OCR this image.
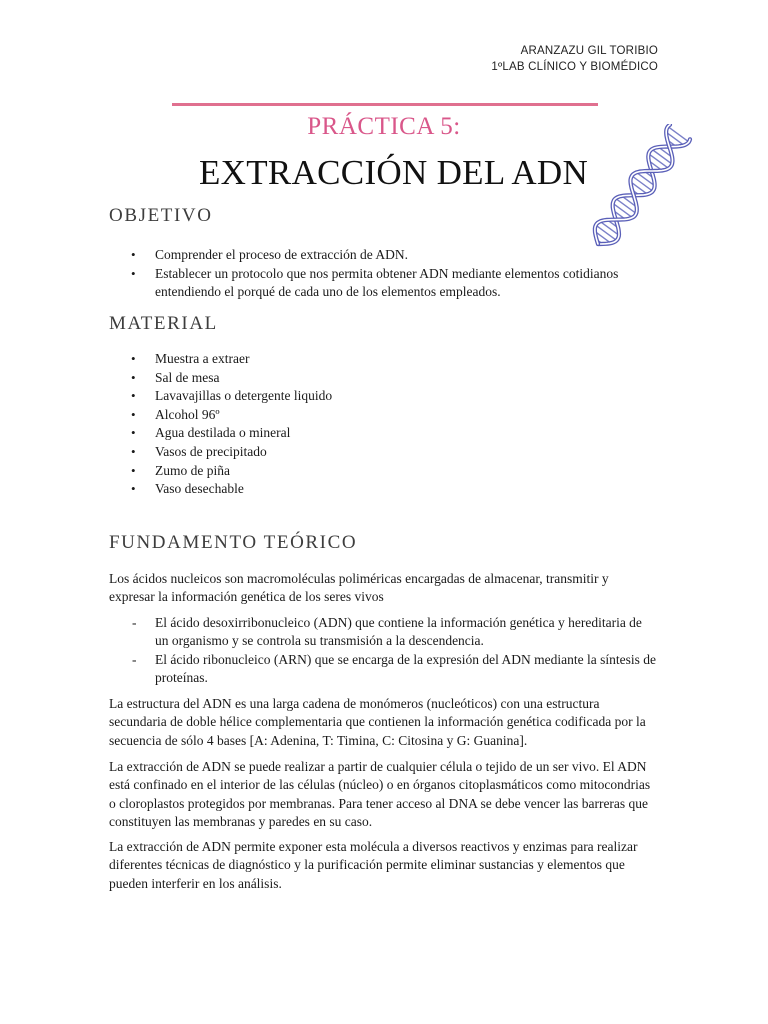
ARANZAZU GIL TORIBIO
1ºLAB CLÍNICO Y BIOMÉDICO
PRÁCTICA 5:
EXTRACCIÓN DEL ADN
OBJETIVO
• Comprender el proceso de extracción de ADN.
• Establecer un protocolo que nos permita obtener ADN mediante elementos cotidianos entendiendo el porqué de cada uno de los elementos empleados.
MATERIAL
• Muestra a extraer
• Sal de mesa
• Lavavajillas o detergente liquido
• Alcohol 96º
• Agua destilada o mineral
• Vasos de precipitado
• Zumo de piña
• Vaso desechable
FUNDAMENTO TEÓRICO

Los ácidos nucleicos son macromoléculas poliméricas encargadas de almacenar, transmitir y expresar la información genética de los seres vivos

- El ácido desoxirribonucleico (ADN) que contiene la información genética y hereditaria de un organismo y se controla su transmisión a la descendencia.
- El ácido ribonucleico (ARN) que se encarga de la expresión del ADN mediante la síntesis de proteínas.

La estructura del ADN es una larga cadena de monómeros (nucleóticos) con una estructura secundaria de doble hélice complementaria que contienen la información genética codificada por la secuencia de sólo 4 bases [A: Adenina, T: Timina, C: Citosina y G: Guanina].

La extracción de ADN se puede realizar a partir de cualquier célula o tejido de un ser vivo. El ADN está confinado en el interior de las células (núcleo) o en órganos citoplasmáticos como mitocondrias o cloroplastos protegidos por membranas. Para tener acceso al DNA se debe vencer las barreras que constituyen las membranas y paredes en su caso.

La extracción de ADN permite exponer esta molécula a diversos reactivos y enzimas para realizar diferentes técnicas de diagnóstico y la purificación permite eliminar sustancias y elementos que pueden interferir en los análisis.
